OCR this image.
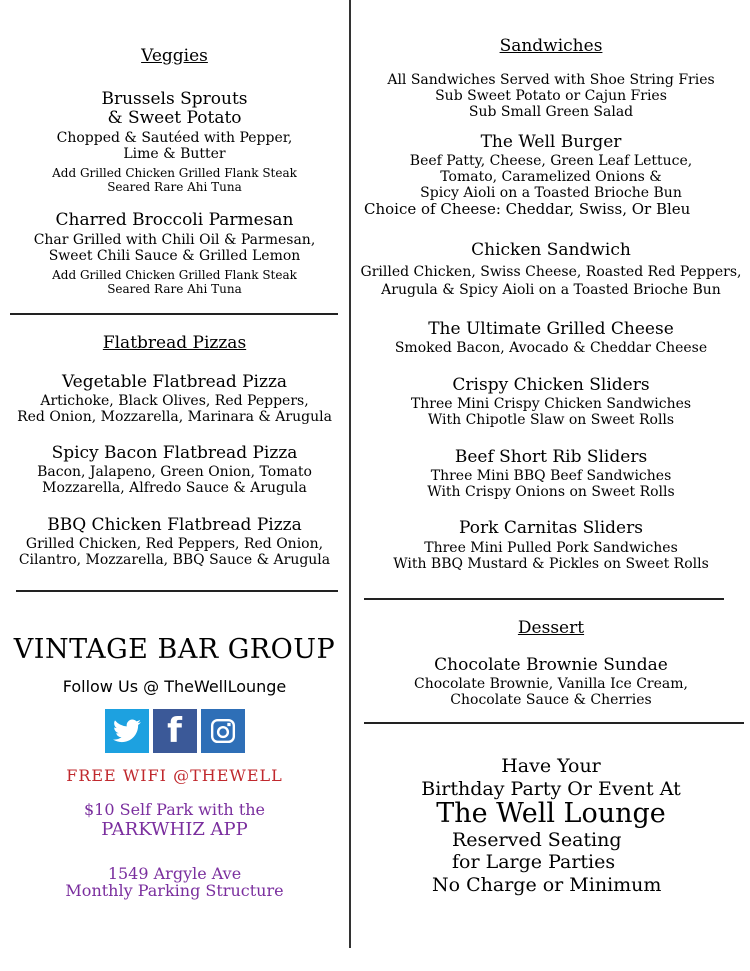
Veggies
Brussels Sprouts
& Sweet Potato
Chopped & Sautéed with Pepper,
Lime & Butter
Add Grilled Chicken Grilled Flank Steak
Seared Rare Ahi Tuna
Charred Broccoli Parmesan
Char Grilled with Chili Oil & Parmesan,
Sweet Chili Sauce & Grilled Lemon
Add Grilled Chicken Grilled Flank Steak
Seared Rare Ahi Tuna
Flatbread Pizzas
Vegetable Flatbread Pizza
Artichoke, Black Olives, Red Peppers,
Red Onion, Mozzarella, Marinara & Arugula
Spicy Bacon Flatbread Pizza
Bacon, Jalapeno, Green Onion, Tomato
Mozzarella, Alfredo Sauce & Arugula
BBQ Chicken Flatbread Pizza
Grilled Chicken, Red Peppers, Red Onion,
Cilantro, Mozzarella, BBQ Sauce & Arugula
VINTAGE BAR GROUP
Follow Us @ TheWellLounge
f
FREE WIFI @THEWELL
$10 Self Park with the
PARKWHIZ APP
1549 Argyle Ave
Monthly Parking Structure
Sandwiches
All Sandwiches Served with Shoe String Fries
Sub Sweet Potato or Cajun Fries
Sub Small Green Salad
The Well Burger
Beef Patty, Cheese, Green Leaf Lettuce,
Tomato, Caramelized Onions &
Spicy Aioli on a Toasted Brioche Bun
Choice of Cheese: Cheddar, Swiss, Or Bleu
Chicken Sandwich
Grilled Chicken, Swiss Cheese, Roasted Red Peppers,
Arugula & Spicy Aioli on a Toasted Brioche Bun
The Ultimate Grilled Cheese
Smoked Bacon, Avocado & Cheddar Cheese
Crispy Chicken Sliders
Three Mini Crispy Chicken Sandwiches
With Chipotle Slaw on Sweet Rolls
Beef Short Rib Sliders
Three Mini BBQ Beef Sandwiches
With Crispy Onions on Sweet Rolls
Pork Carnitas Sliders
Three Mini Pulled Pork Sandwiches
With BBQ Mustard & Pickles on Sweet Rolls
Dessert
Chocolate Brownie Sundae
Chocolate Brownie, Vanilla Ice Cream,
Chocolate Sauce & Cherries
Have Your
Birthday Party Or Event At
The Well Lounge
Reserved Seating
for Large Parties
No Charge or Minimum
